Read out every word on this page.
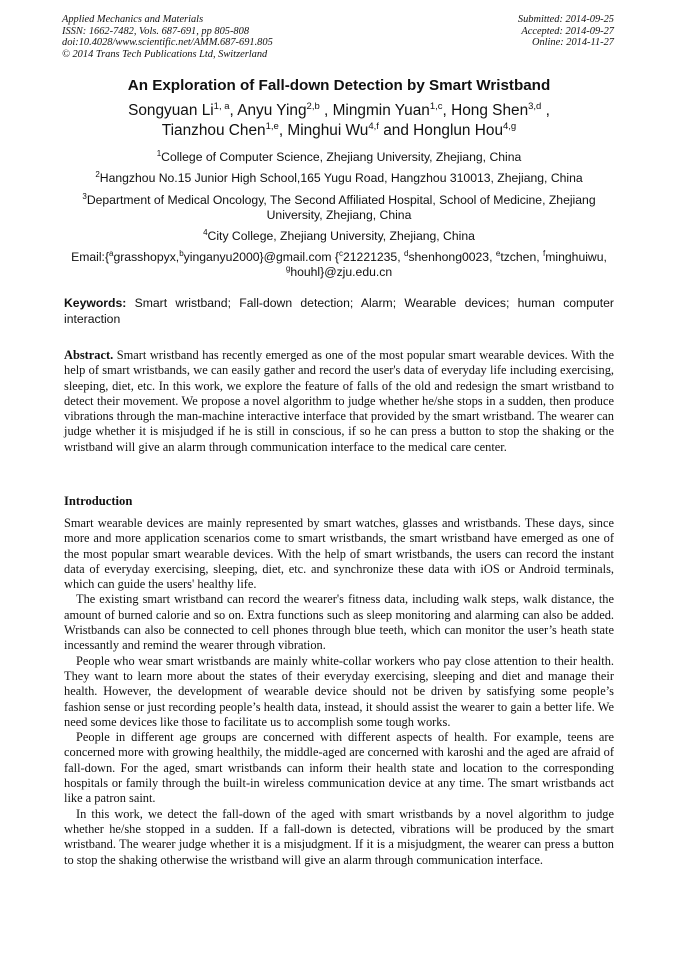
Applied Mechanics and Materials
ISSN: 1662-7482, Vols. 687-691, pp 805-808
doi:10.4028/www.scientific.net/AMM.687-691.805
© 2014 Trans Tech Publications Ltd, Switzerland
Submitted: 2014-09-25
Accepted: 2014-09-27
Online: 2014-11-27
An Exploration of Fall-down Detection by Smart Wristband
Songyuan Li$^{1, a}$, Anyu Ying$^{2,b}$ , Mingmin Yuan$^{1,c}$, Hong Shen$^{3,d}$ ,
Tianzhou Chen$^{1,e}$, Minghui Wu$^{4,f}$ and Honglun Hou$^{4,g}$
$^1$College of Computer Science, Zhejiang University, Zhejiang, China
$^2$Hangzhou No.15 Junior High School,165 Yugu Road, Hangzhou 310013, Zhejiang, China
$^3$Department of Medical Oncology, The Second Affiliated Hospital, School of Medicine, Zhejiang University, Zhejiang, China
$^4$City College, Zhejiang University, Zhejiang, China
Email:{$^a$grasshopyx,$^b$yinganyu2000}@gmail.com {$^c$21221235, $^d$shenhong0023, $^e$tzchen, $^f$minghuiwu, $^g$houhl}@zju.edu.cn
Keywords: Smart wristband; Fall-down detection; Alarm; Wearable devices; human computer interaction

Abstract. Smart wristband has recently emerged as one of the most popular smart wearable devices. With the help of smart wristbands, we can easily gather and record the user's data of everyday life including exercising, sleeping, diet, etc. In this work, we explore the feature of falls of the old and redesign the smart wristband to detect their movement. We propose a novel algorithm to judge whether he/she stops in a sudden, then produce vibrations through the man-machine interactive interface that provided by the smart wristband. The wearer can judge whether it is misjudged if he is still in conscious, if so he can press a button to stop the shaking or the wristband will give an alarm through communication interface to the medical care center.

Introduction

Smart wearable devices are mainly represented by smart watches, glasses and wristbands. These days, since more and more application scenarios come to smart wristbands, the smart wristband have emerged as one of the most popular smart wearable devices. With the help of smart wristbands, the users can record the instant data of everyday exercising, sleeping, diet, etc. and synchronize these data with iOS or Android terminals, which can guide the users' healthy life.

The existing smart wristband can record the wearer's fitness data, including walk steps, walk distance, the amount of burned calorie and so on. Extra functions such as sleep monitoring and alarming can also be added. Wristbands can also be connected to cell phones through blue teeth, which can monitor the user’s heath state incessantly and remind the wearer through vibration.

People who wear smart wristbands are mainly white-collar workers who pay close attention to their health. They want to learn more about the states of their everyday exercising, sleeping and diet and manage their health. However, the development of wearable device should not be driven by satisfying some people’s fashion sense or just recording people’s health data, instead, it should assist the wearer to gain a better life. We need some devices like those to facilitate us to accomplish some tough works.

People in different age groups are concerned with different aspects of health. For example, teens are concerned more with growing healthily, the middle-aged are concerned with karoshi and the aged are afraid of fall-down. For the aged, smart wristbands can inform their health state and location to the corresponding hospitals or family through the built-in wireless communication device at any time. The smart wristbands act like a patron saint.

In this work, we detect the fall-down of the aged with smart wristbands by a novel algorithm to judge whether he/she stopped in a sudden. If a fall-down is detected, vibrations will be produced by the smart wristband. The wearer judge whether it is a misjudgment. If it is a misjudgment, the wearer can press a button to stop the shaking otherwise the wristband will give an alarm through communication interface.
